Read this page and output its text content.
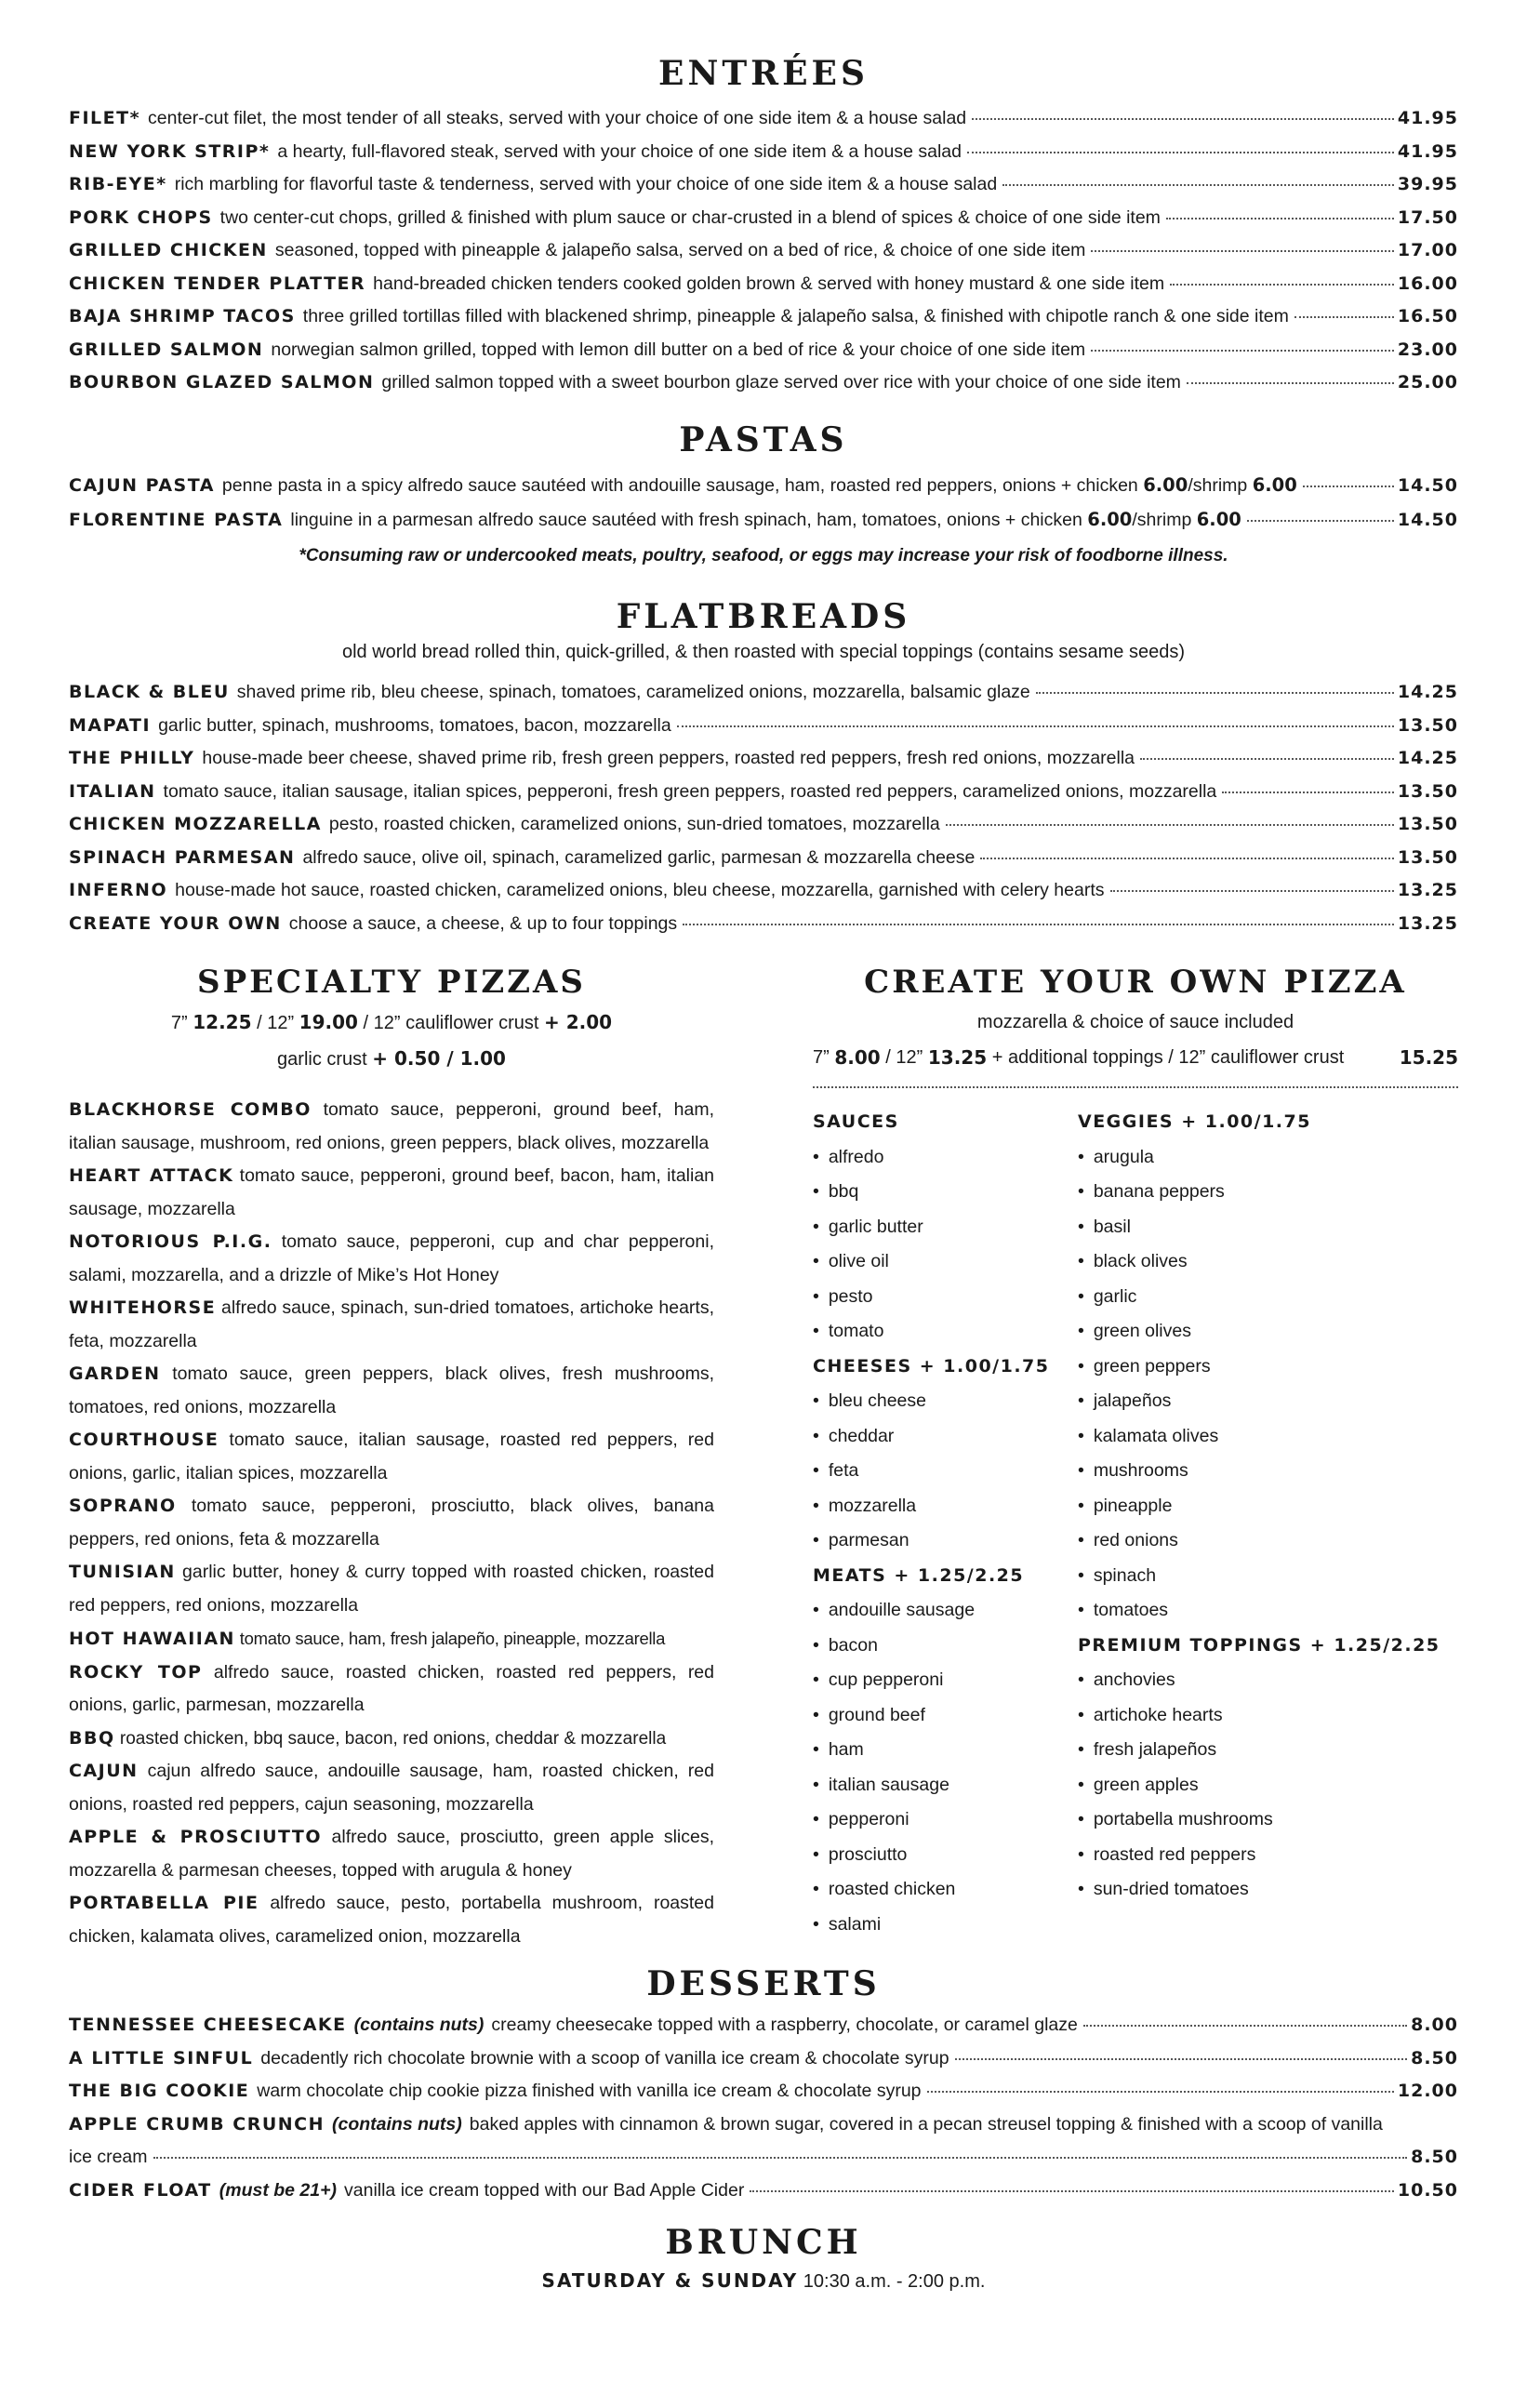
ENTRÉES
FILET* center-cut filet, the most tender of all steaks, served with your choice of one side item & a house salad	41.95
NEW YORK STRIP* a hearty, full-flavored steak, served with your choice of one side item & a house salad	41.95
RIB-EYE* rich marbling for flavorful taste & tenderness, served with your choice of one side item & a house salad	39.95
PORK CHOPS two center-cut chops, grilled & finished with plum sauce or char-crusted in a blend of spices & choice of one side item	17.50
GRILLED CHICKEN seasoned, topped with pineapple & jalapeño salsa, served on a bed of rice, & choice of one side item	17.00
CHICKEN TENDER PLATTER hand-breaded chicken tenders cooked golden brown & served with honey mustard & one side item	16.00
BAJA SHRIMP TACOS three grilled tortillas filled with blackened shrimp, pineapple & jalapeño salsa, & finished with chipotle ranch & one side item	16.50
GRILLED SALMON norwegian salmon grilled, topped with lemon dill butter on a bed of rice & your choice of one side item	23.00
BOURBON GLAZED SALMON grilled salmon topped with a sweet bourbon glaze served over rice with your choice of one side item	25.00
PASTAS
CAJUN PASTA penne pasta in a spicy alfredo sauce sautéed with andouille sausage, ham, roasted red peppers, onions + chicken 6.00 /shrimp 6.00	14.50
FLORENTINE PASTA linguine in a parmesan alfredo sauce sautéed with fresh spinach, ham, tomatoes, onions + chicken 6.00 /shrimp 6.00	14.50

*Consuming raw or undercooked meats, poultry, seafood, or eggs may increase your risk of foodborne illness.

FLATBREADS

old world bread rolled thin, quick-grilled, & then roasted with special toppings (contains sesame seeds)

BLACK & BLEU shaved prime rib, bleu cheese, spinach, tomatoes, caramelized onions, mozzarella, balsamic glaze	14.25
MAPATI garlic butter, spinach, mushrooms, tomatoes, bacon, mozzarella	13.50
THE PHILLY house-made beer cheese, shaved prime rib, fresh green peppers, roasted red peppers, fresh red onions, mozzarella	14.25
ITALIAN tomato sauce, italian sausage, italian spices, pepperoni, fresh green peppers, roasted red peppers, caramelized onions, mozzarella	13.50
CHICKEN MOZZARELLA pesto, roasted chicken, caramelized onions, sun-dried tomatoes, mozzarella	13.50
SPINACH PARMESAN alfredo sauce, olive oil, spinach, caramelized garlic, parmesan & mozzarella cheese	13.50
INFERNO house-made hot sauce, roasted chicken, caramelized onions, bleu cheese, mozzarella, garnished with celery hearts	13.25
CREATE YOUR OWN choose a sauce, a cheese, & up to four toppings	13.25
SPECIALTY PIZZAS

7” 12.25 / 12” 19.00 / 12” cauliflower crust + 2.00

garlic crust + 0.50 / 1.00

BLACKHORSE COMBO tomato sauce, pepperoni, ground beef, ham, italian sausage, mushroom, red onions, green peppers, black olives, mozzarella

HEART ATTACK tomato sauce, pepperoni, ground beef, bacon, ham, italian sausage, mozzarella

NOTORIOUS P.I.G. tomato sauce, pepperoni, cup and char pepperoni, salami, mozzarella, and a drizzle of Mike’s Hot Honey

WHITEHORSE alfredo sauce, spinach, sun-dried tomatoes, artichoke hearts, feta, mozzarella

GARDEN tomato sauce, green peppers, black olives, fresh mushrooms, tomatoes, red onions, mozzarella

COURTHOUSE tomato sauce, italian sausage, roasted red peppers, red onions, garlic, italian spices, mozzarella

SOPRANO tomato sauce, pepperoni, prosciutto, black olives, banana peppers, red onions, feta & mozzarella

TUNISIAN garlic butter, honey & curry topped with roasted chicken, roasted red peppers, red onions, mozzarella

HOT HAWAIIAN tomato sauce, ham, fresh jalapeño, pineapple, mozzarella

ROCKY TOP alfredo sauce, roasted chicken, roasted red peppers, red onions, garlic, parmesan, mozzarella

BBQ roasted chicken, bbq sauce, bacon, red onions, cheddar & mozzarella

CAJUN cajun alfredo sauce, andouille sausage, ham, roasted chicken, red onions, roasted red peppers, cajun seasoning, mozzarella

APPLE & PROSCIUTTO alfredo sauce, prosciutto, green apple slices, mozzarella & parmesan cheeses, topped with arugula & honey

PORTABELLA PIE alfredo sauce, pesto, portabella mushroom, roasted chicken, kalamata olives, caramelized onion, mozzarella

CREATE YOUR OWN PIZZA

mozzarella & choice of sauce included

7”
8.00
/ 12”
13.25
+ additional toppings / 12” cauliflower crust	15.25
SAUCES
• alfredo
• bbq
• garlic butter
• olive oil
• pesto
• tomato
CHEESES + 1.00/1.75
• bleu cheese
• cheddar
• feta
• mozzarella
• parmesan
MEATS + 1.25/2.25
• andouille sausage
• bacon
• cup pepperoni
• ground beef
• ham
• italian sausage
• pepperoni
• prosciutto
• roasted chicken
• salami
VEGGIES + 1.00/1.75
• arugula
• banana peppers
• basil
• black olives
• garlic
• green olives
• green peppers
• jalapeños
• kalamata olives
• mushrooms
• pineapple
• red onions
• spinach
• tomatoes
PREMIUM TOPPINGS + 1.25/2.25
• anchovies
• artichoke hearts
• fresh jalapeños
• green apples
• portabella mushrooms
• roasted red peppers
• sun-dried tomatoes
DESSERTS
TENNESSEE CHEESECAKE (contains nuts) creamy cheesecake topped with a raspberry, chocolate, or caramel glaze	8.00
A LITTLE SINFUL decadently rich chocolate brownie with a scoop of vanilla ice cream & chocolate syrup	8.50
THE BIG COOKIE warm chocolate chip cookie pizza finished with vanilla ice cream & chocolate syrup	12.00
APPLE CRUMB CRUNCH (contains nuts) baked apples with cinnamon & brown sugar, covered in a pecan streusel topping & finished with a scoop of vanilla
ice cream	8.50
CIDER FLOAT (must be 21+) vanilla ice cream topped with our Bad Apple Cider	10.50
BRUNCH
SATURDAY & SUNDAY 10:30 a.m. - 2:00 p.m.
